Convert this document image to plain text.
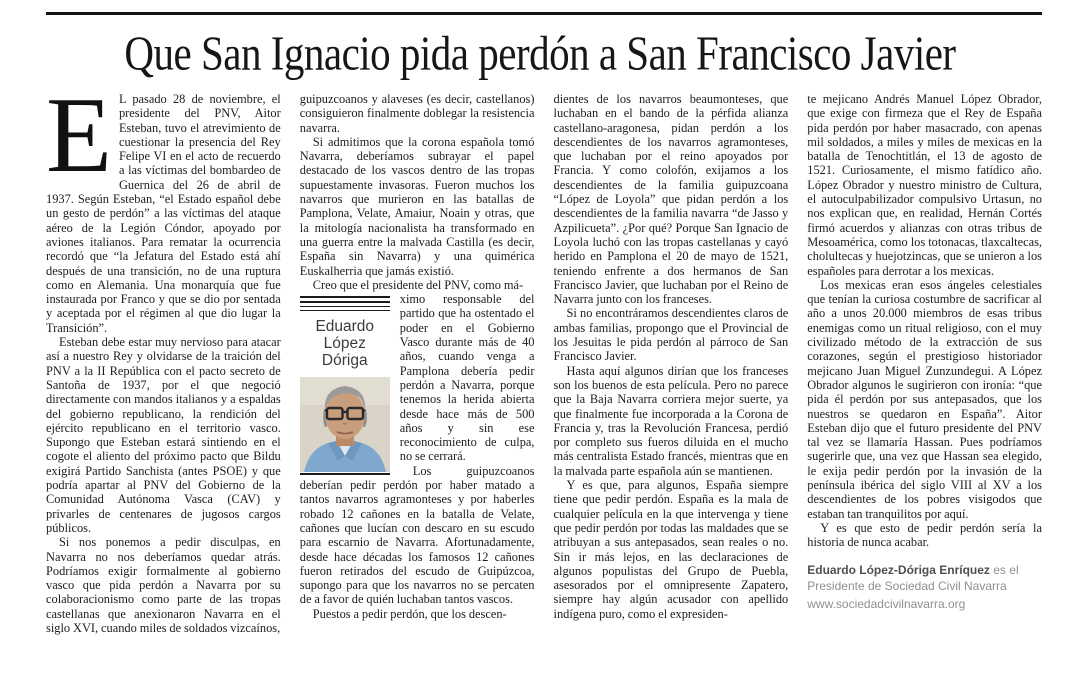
Que San Ignacio pida perdón a San Francisco Javier

E L pasado 28 de noviembre, el presidente del PNV, Aitor Esteban, tuvo el atrevimiento de cuestionar la presencia del Rey Felipe VI en el acto de recuerdo a las víctimas del bombardeo de Guernica del 26 de abril de 1937. Según Esteban, “el Estado español debe un gesto de perdón” a las víctimas del ataque aéreo de la Legión Cóndor, apoyado por aviones italianos. Para rematar la ocurrencia recordó que “la Jefatura del Estado está ahí después de una transición, no de una ruptura como en Alemania. Una monarquía que fue instaurada por Franco y que se dio por sentada y aceptada por el régimen al que dio lugar la Transición”.

Esteban debe estar muy nervioso para atacar así a nuestro Rey y olvidarse de la traición del PNV a la II República con el pacto secreto de Santoña de 1937, por el que negoció directamente con mandos italianos y a espaldas del gobierno republicano, la rendición del ejército republicano en el territorio vasco. Supongo que Esteban estará sintiendo en el cogote el aliento del próximo pacto que Bildu exigirá Partido Sanchista (antes PSOE) y que podría apartar al PNV del Gobierno de la Comunidad Autónoma Vasca (CAV) y privarles de centenares de jugosos cargos públicos.

Si nos ponemos a pedir disculpas, en Navarra no nos deberíamos quedar atrás. Podríamos exigir formalmente al gobierno vasco que pida perdón a Navarra por su colaboracionismo como parte de las tropas castellanas que anexionaron Navarra en el siglo XVI, cuando miles de soldados vizcaínos,

guipuzcoanos y alaveses (es decir, castellanos) consiguieron finalmente doblegar la resistencia navarra.

Si admitimos que la corona española tomó Navarra, deberíamos subrayar el papel destacado de los vascos dentro de las tropas supuestamente invasoras. Fueron muchos los navarros que murieron en las batallas de Pamplona, Velate, Amaiur, Noain y otras, que la mitología nacionalista ha transformado en una guerra entre la malvada Castilla (es decir, España sin Navarra) y una quimérica Euskalherria que jamás existió.

Creo que el presidente del PNV, como má-

Eduardo
López Dóriga

ximo responsable del partido que ha ostentado el poder en el Gobierno Vasco durante más de 40 años, cuando venga a Pamplona debería pedir perdón a Navarra, porque tenemos la herida abierta desde hace más de 500 años y sin ese reconocimiento de culpa, no se cerrará.

Los guipuzcoanos deberían pedir perdón por haber matado a tantos navarros agramonteses y por haberles robado 12 cañones en la batalla de Velate, cañones que lucían con descaro en su escudo para escarnio de Navarra. Afortunadamente, desde hace décadas los famosos 12 cañones fueron retirados del escudo de Guipúzcoa, supongo para que los navarros no se percaten de a favor de quién luchaban tantos vascos.

Puestos a pedir perdón, que los descen-

dientes de los navarros beaumonteses, que luchaban en el bando de la pérfida alianza castellano-aragonesa, pidan perdón a los descendientes de los navarros agramonteses, que luchaban por el reino apoyados por Francia. Y como colofón, exijamos a los descendientes de la familia guipuzcoana “López de Loyola” que pidan perdón a los descendientes de la familia navarra “de Jasso y Azpilicueta”. ¿Por qué? Porque San Ignacio de Loyola luchó con las tropas castellanas y cayó herido en Pamplona el 20 de mayo de 1521, teniendo enfrente a dos hermanos de San Francisco Javier, que luchaban por el Reino de Navarra junto con los franceses.

Si no encontráramos descendientes claros de ambas familias, propongo que el Provincial de los Jesuitas le pida perdón al párroco de San Francisco Javier.

Hasta aquí algunos dirían que los franceses son los buenos de esta película. Pero no parece que la Baja Navarra corriera mejor suerte, ya que finalmente fue incorporada a la Corona de Francia y, tras la Revolución Francesa, perdió por completo sus fueros diluida en el mucho más centralista Estado francés, mientras que en la malvada parte española aún se mantienen.

Y es que, para algunos, España siempre tiene que pedir perdón. España es la mala de cualquier película en la que intervenga y tiene que pedir perdón por todas las maldades que se atribuyan a sus antepasados, sean reales o no. Sin ir más lejos, en las declaraciones de algunos populistas del Grupo de Puebla, asesorados por el omnipresente Zapatero, siempre hay algún acusador con apellido indígena puro, como el expresiden-

te mejicano Andrés Manuel López Obrador, que exige con firmeza que el Rey de España pida perdón por haber masacrado, con apenas mil soldados, a miles y miles de mexicas en la batalla de Tenochtitlán, el 13 de agosto de 1521. Curiosamente, el mismo fatídico año. López Obrador y nuestro ministro de Cultura, el autoculpabilizador compulsivo Urtasun, no nos explican que, en realidad, Hernán Cortés firmó acuerdos y alianzas con otras tribus de Mesoamérica, como los totonacas, tlaxcaltecas, cholultecas y huejotzincas, que se unieron a los españoles para derrotar a los mexicas.

Los mexicas eran esos ángeles celestiales que tenían la curiosa costumbre de sacrificar al año a unos 20.000 miembros de esas tribus enemigas como un ritual religioso, con el muy civilizado método de la extracción de sus corazones, según el prestigioso historiador mejicano Juan Miguel Zunzundegui. A López Obrador algunos le sugirieron con ironía: “que pida él perdón por sus antepasados, que los nuestros se quedaron en España”. Aitor Esteban dijo que el futuro presidente del PNV tal vez se llamaría Hassan. Pues podríamos sugerirle que, una vez que Hassan sea elegido, le exija pedir perdón por la invasión de la península ibérica del siglo VIII al XV a los descendientes de los pobres visigodos que estaban tan tranquilitos por aquí.

Y es que esto de pedir perdón sería la historia de nunca acabar.

Eduardo López-Dóriga Enríquez es el Presidente de Sociedad Civil Navarra
www.sociedadcivilnavarra.org
